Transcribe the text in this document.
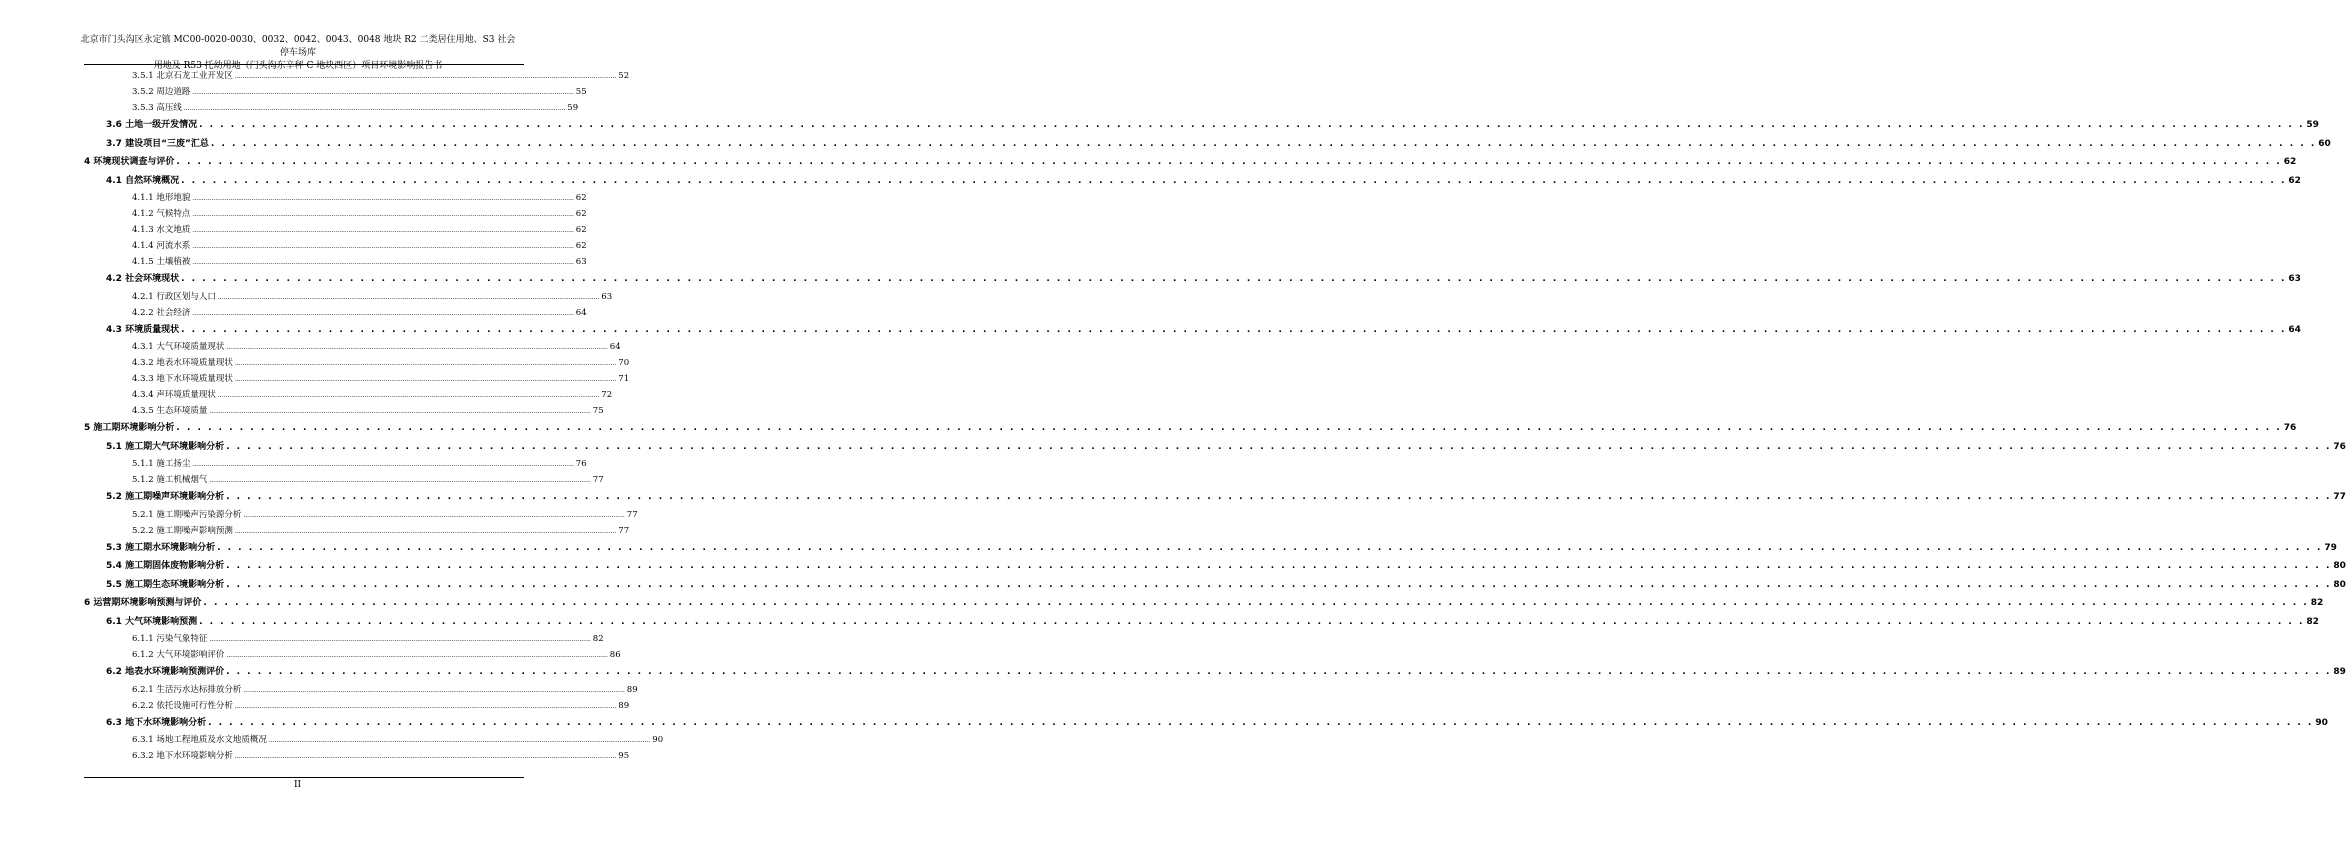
北京市门头沟区永定镇 MC00-0020-0030、0032、0042、0043、0048 地块 R2 二类居住用地、S3 社会停车场库
用地及 R53 托幼用地（门头沟东辛秤 C 地块西区）项目环境影响报告书
3.5.1 北京石龙工业开发区 ........................................................................................................................................................................................................ 52
3.5.2 周边道路 ........................................................................................................................................................................................................ 55
3.5.3 高压线 ........................................................................................................................................................................................................ 59
3.6 土地一级开发情况 . . . . . . . . . . . . . . . . . . . . . . . . . . . . . . . . . . . . . . . . . . . . . . . . . . . . . . . . . . . . . . . . . . . . . . . . . . . . . . . . . . . . . . . . . . . . . . . . . . . . . . . . . . . . . . . . . . . . . . . . . . . . . . . . . . . . . . . . . . . . . . . . . . . . . . . . . . . . . . . . . . . . . . . . . . . . . . . . . . . . . . . . . . . . . . . . . . . . . . . . 59
3.7 建设项目“三废”汇总 . . . . . . . . . . . . . . . . . . . . . . . . . . . . . . . . . . . . . . . . . . . . . . . . . . . . . . . . . . . . . . . . . . . . . . . . . . . . . . . . . . . . . . . . . . . . . . . . . . . . . . . . . . . . . . . . . . . . . . . . . . . . . . . . . . . . . . . . . . . . . . . . . . . . . . . . . . . . . . . . . . . . . . . . . . . . . . . . . . . . . . . . . . . . . . . . . . . . . . . . 60
4 环境现状调查与评价 . . . . . . . . . . . . . . . . . . . . . . . . . . . . . . . . . . . . . . . . . . . . . . . . . . . . . . . . . . . . . . . . . . . . . . . . . . . . . . . . . . . . . . . . . . . . . . . . . . . . . . . . . . . . . . . . . . . . . . . . . . . . . . . . . . . . . . . . . . . . . . . . . . . . . . . . . . . . . . . . . . . . . . . . . . . . . . . . . . . . . . . . . . . . . . . . . . . . . . . . 62
4.1 自然环境概况 . . . . . . . . . . . . . . . . . . . . . . . . . . . . . . . . . . . . . . . . . . . . . . . . . . . . . . . . . . . . . . . . . . . . . . . . . . . . . . . . . . . . . . . . . . . . . . . . . . . . . . . . . . . . . . . . . . . . . . . . . . . . . . . . . . . . . . . . . . . . . . . . . . . . . . . . . . . . . . . . . . . . . . . . . . . . . . . . . . . . . . . . . . . . . . . . . . . . . . . . 62
4.1.1 地形地貌 ........................................................................................................................................................................................................ 62
4.1.2 气候特点 ........................................................................................................................................................................................................ 62
4.1.3 水文地质 ........................................................................................................................................................................................................ 62
4.1.4 河流水系 ........................................................................................................................................................................................................ 62
4.1.5 土壤植被 ........................................................................................................................................................................................................ 63
4.2 社会环境现状 . . . . . . . . . . . . . . . . . . . . . . . . . . . . . . . . . . . . . . . . . . . . . . . . . . . . . . . . . . . . . . . . . . . . . . . . . . . . . . . . . . . . . . . . . . . . . . . . . . . . . . . . . . . . . . . . . . . . . . . . . . . . . . . . . . . . . . . . . . . . . . . . . . . . . . . . . . . . . . . . . . . . . . . . . . . . . . . . . . . . . . . . . . . . . . . . . . . . . . . . 63
4.2.1 行政区划与人口 ........................................................................................................................................................................................................ 63
4.2.2 社会经济 ........................................................................................................................................................................................................ 64
4.3 环境质量现状 . . . . . . . . . . . . . . . . . . . . . . . . . . . . . . . . . . . . . . . . . . . . . . . . . . . . . . . . . . . . . . . . . . . . . . . . . . . . . . . . . . . . . . . . . . . . . . . . . . . . . . . . . . . . . . . . . . . . . . . . . . . . . . . . . . . . . . . . . . . . . . . . . . . . . . . . . . . . . . . . . . . . . . . . . . . . . . . . . . . . . . . . . . . . . . . . . . . . . . . . 64
4.3.1 大气环境质量现状 ........................................................................................................................................................................................................ 64
4.3.2 地表水环境质量现状 ........................................................................................................................................................................................................ 70
4.3.3 地下水环境质量现状 ........................................................................................................................................................................................................ 71
4.3.4 声环境质量现状 ........................................................................................................................................................................................................ 72
4.3.5 生态环境质量 ........................................................................................................................................................................................................ 75
5 施工期环境影响分析 . . . . . . . . . . . . . . . . . . . . . . . . . . . . . . . . . . . . . . . . . . . . . . . . . . . . . . . . . . . . . . . . . . . . . . . . . . . . . . . . . . . . . . . . . . . . . . . . . . . . . . . . . . . . . . . . . . . . . . . . . . . . . . . . . . . . . . . . . . . . . . . . . . . . . . . . . . . . . . . . . . . . . . . . . . . . . . . . . . . . . . . . . . . . . . . . . . . . . . . . 76
5.1 施工期大气环境影响分析 . . . . . . . . . . . . . . . . . . . . . . . . . . . . . . . . . . . . . . . . . . . . . . . . . . . . . . . . . . . . . . . . . . . . . . . . . . . . . . . . . . . . . . . . . . . . . . . . . . . . . . . . . . . . . . . . . . . . . . . . . . . . . . . . . . . . . . . . . . . . . . . . . . . . . . . . . . . . . . . . . . . . . . . . . . . . . . . . . . . . . . . . . . . . . . . . . . . . . . . . 76
5.1.1 施工扬尘 ........................................................................................................................................................................................................ 76
5.1.2 施工机械烟气 ........................................................................................................................................................................................................ 77
5.2 施工期噪声环境影响分析 . . . . . . . . . . . . . . . . . . . . . . . . . . . . . . . . . . . . . . . . . . . . . . . . . . . . . . . . . . . . . . . . . . . . . . . . . . . . . . . . . . . . . . . . . . . . . . . . . . . . . . . . . . . . . . . . . . . . . . . . . . . . . . . . . . . . . . . . . . . . . . . . . . . . . . . . . . . . . . . . . . . . . . . . . . . . . . . . . . . . . . . . . . . . . . . . . . . . . . . . 77
5.2.1 施工期噪声污染源分析 ........................................................................................................................................................................................................ 77
5.2.2 施工期噪声影响预测 ........................................................................................................................................................................................................ 77
5.3 施工期水环境影响分析 . . . . . . . . . . . . . . . . . . . . . . . . . . . . . . . . . . . . . . . . . . . . . . . . . . . . . . . . . . . . . . . . . . . . . . . . . . . . . . . . . . . . . . . . . . . . . . . . . . . . . . . . . . . . . . . . . . . . . . . . . . . . . . . . . . . . . . . . . . . . . . . . . . . . . . . . . . . . . . . . . . . . . . . . . . . . . . . . . . . . . . . . . . . . . . . . . . . . . . . . 79
5.4 施工期固体废物影响分析 . . . . . . . . . . . . . . . . . . . . . . . . . . . . . . . . . . . . . . . . . . . . . . . . . . . . . . . . . . . . . . . . . . . . . . . . . . . . . . . . . . . . . . . . . . . . . . . . . . . . . . . . . . . . . . . . . . . . . . . . . . . . . . . . . . . . . . . . . . . . . . . . . . . . . . . . . . . . . . . . . . . . . . . . . . . . . . . . . . . . . . . . . . . . . . . . . . . . . . . . 80
5.5 施工期生态环境影响分析 . . . . . . . . . . . . . . . . . . . . . . . . . . . . . . . . . . . . . . . . . . . . . . . . . . . . . . . . . . . . . . . . . . . . . . . . . . . . . . . . . . . . . . . . . . . . . . . . . . . . . . . . . . . . . . . . . . . . . . . . . . . . . . . . . . . . . . . . . . . . . . . . . . . . . . . . . . . . . . . . . . . . . . . . . . . . . . . . . . . . . . . . . . . . . . . . . . . . . . . . 80
6 运营期环境影响预测与评价 . . . . . . . . . . . . . . . . . . . . . . . . . . . . . . . . . . . . . . . . . . . . . . . . . . . . . . . . . . . . . . . . . . . . . . . . . . . . . . . . . . . . . . . . . . . . . . . . . . . . . . . . . . . . . . . . . . . . . . . . . . . . . . . . . . . . . . . . . . . . . . . . . . . . . . . . . . . . . . . . . . . . . . . . . . . . . . . . . . . . . . . . . . . . . . . . . . . . . . . . 82
6.1 大气环境影响预测 . . . . . . . . . . . . . . . . . . . . . . . . . . . . . . . . . . . . . . . . . . . . . . . . . . . . . . . . . . . . . . . . . . . . . . . . . . . . . . . . . . . . . . . . . . . . . . . . . . . . . . . . . . . . . . . . . . . . . . . . . . . . . . . . . . . . . . . . . . . . . . . . . . . . . . . . . . . . . . . . . . . . . . . . . . . . . . . . . . . . . . . . . . . . . . . . . . . . . . . . 82
6.1.1 污染气象特征 ........................................................................................................................................................................................................ 82
6.1.2 大气环境影响评价 ........................................................................................................................................................................................................ 86
6.2 地表水环境影响预测评价 . . . . . . . . . . . . . . . . . . . . . . . . . . . . . . . . . . . . . . . . . . . . . . . . . . . . . . . . . . . . . . . . . . . . . . . . . . . . . . . . . . . . . . . . . . . . . . . . . . . . . . . . . . . . . . . . . . . . . . . . . . . . . . . . . . . . . . . . . . . . . . . . . . . . . . . . . . . . . . . . . . . . . . . . . . . . . . . . . . . . . . . . . . . . . . . . . . . . . . . . 89
6.2.1 生活污水达标排放分析 ........................................................................................................................................................................................................ 89
6.2.2 依托设施可行性分析 ........................................................................................................................................................................................................ 89
6.3 地下水环境影响分析 . . . . . . . . . . . . . . . . . . . . . . . . . . . . . . . . . . . . . . . . . . . . . . . . . . . . . . . . . . . . . . . . . . . . . . . . . . . . . . . . . . . . . . . . . . . . . . . . . . . . . . . . . . . . . . . . . . . . . . . . . . . . . . . . . . . . . . . . . . . . . . . . . . . . . . . . . . . . . . . . . . . . . . . . . . . . . . . . . . . . . . . . . . . . . . . . . . . . . . . . 90
6.3.1 场地工程地质及水文地质概况 ........................................................................................................................................................................................................ 90
6.3.2 地下水环境影响分析 ........................................................................................................................................................................................................ 95
II
